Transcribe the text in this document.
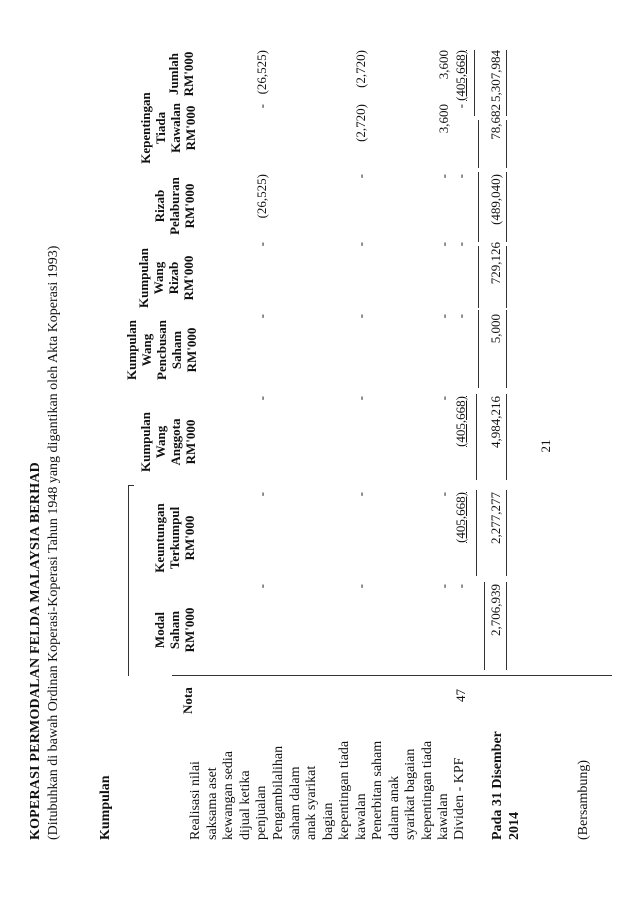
21
KOPERASI PERMODALAN FELDA MALAYSIA BERHAD (Ditubuhkan di bawah Ordinan Koperasi-Koperasi Tahun 1948 yang digantikan oleh Akta Koperasi 1993)	Kumpulan
Nota
Modal
Saham
RM'000
Keuntungan
Terkumpul
RM'000
Kumpulan
Wang
Anggota
RM'000
Kumpulan
Wang
Pencbusan
Saham
RM'000
Kumpulan
Wang
Rizab
RM'000
Rizab
Pelaburan
RM'000
Kepentingan
Tiada
Kawalan
RM'000
Jumlah
RM'000
Realisasi nilai
saksama aset
kewangan sedia
dijual ketika
penjualan
-
-
-
-
-
(26,525)
-
(26,525)
Pengambilalihan
saham dalam
anak syarikat
bagian
kepentingan tiada
kawalan
-
-
-
-
-
-
(2,720)
(2,720)
Penerbitan saham
dalam anak
syarikat bagaian
kepentingan tiada
kawalan
-
-
-
-
-
-
3,600
3,600
Dividen - KPF
47
-
(405,668)
(405,668)
-
-
-
-
(405,668)
Pada 31 Disember
2014
2,706,939
2,277,277
4,984,216
5,000
729,126
(489,040)
78,682
5,307,984
(Bersambung)
